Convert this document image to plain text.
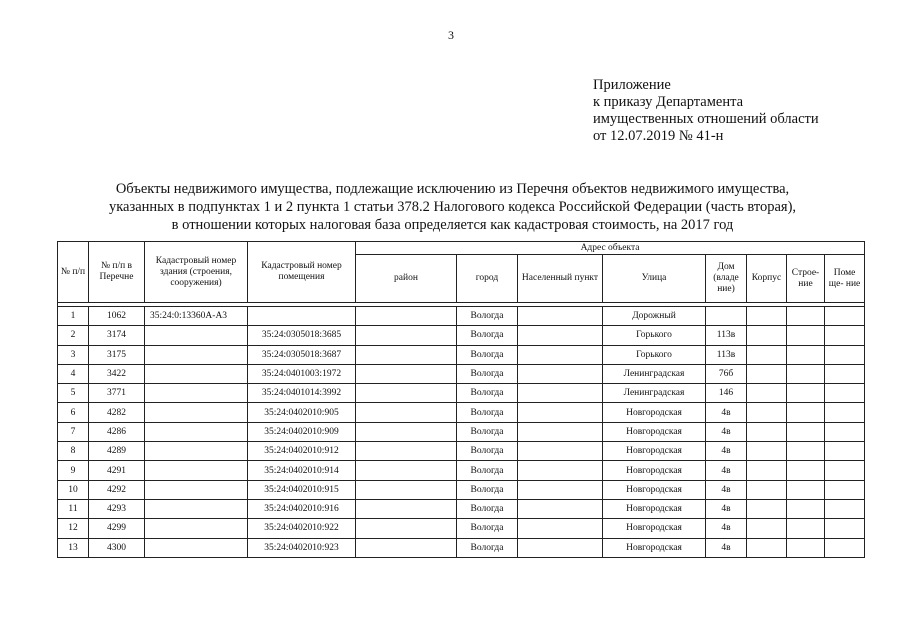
3
Приложение
к приказу Департамента
имущественных отношений области
от 12.07.2019 № 41-н
Объекты недвижимого имущества, подлежащие исключению из Перечня объектов недвижимого имущества,
указанных в подпунктах 1 и 2 пункта 1 статьи 378.2 Налогового кодекса Российской Федерации (часть вторая),
в отношении которых налоговая база определяется как кадастровая стоимость, на 2017 год
№ п/п	№ п/п в Перечне	Кадастровый номер здания (строения, сооружения)	Кадастровый номер помещения	Адрес объекта							
				район	город	Населенный пункт	Улица	Дом (владе ние)	Корпус	Строе- ние	Поме ще- ние

1	1062	35:24:0:13360А-А3			Вологда		Дорожный				
2	3174		35:24:0305018:3685		Вологда		Горького	113в			
3	3175		35:24:0305018:3687		Вологда		Горького	113в			
4	3422		35:24:0401003:1972		Вологда		Ленинградская	76б			
5	3771		35:24:0401014:3992		Вологда		Ленинградская	146			
6	4282		35:24:0402010:905		Вологда		Новгородская	4в			
7	4286		35:24:0402010:909		Вологда		Новгородская	4в			
8	4289		35:24:0402010:912		Вологда		Новгородская	4в			
9	4291		35:24:0402010:914		Вологда		Новгородская	4в			
10	4292		35:24:0402010:915		Вологда		Новгородская	4в			
11	4293		35:24:0402010:916		Вологда		Новгородская	4в			
12	4299		35:24:0402010:922		Вологда		Новгородская	4в			
13	4300		35:24:0402010:923		Вологда		Новгородская	4в			
